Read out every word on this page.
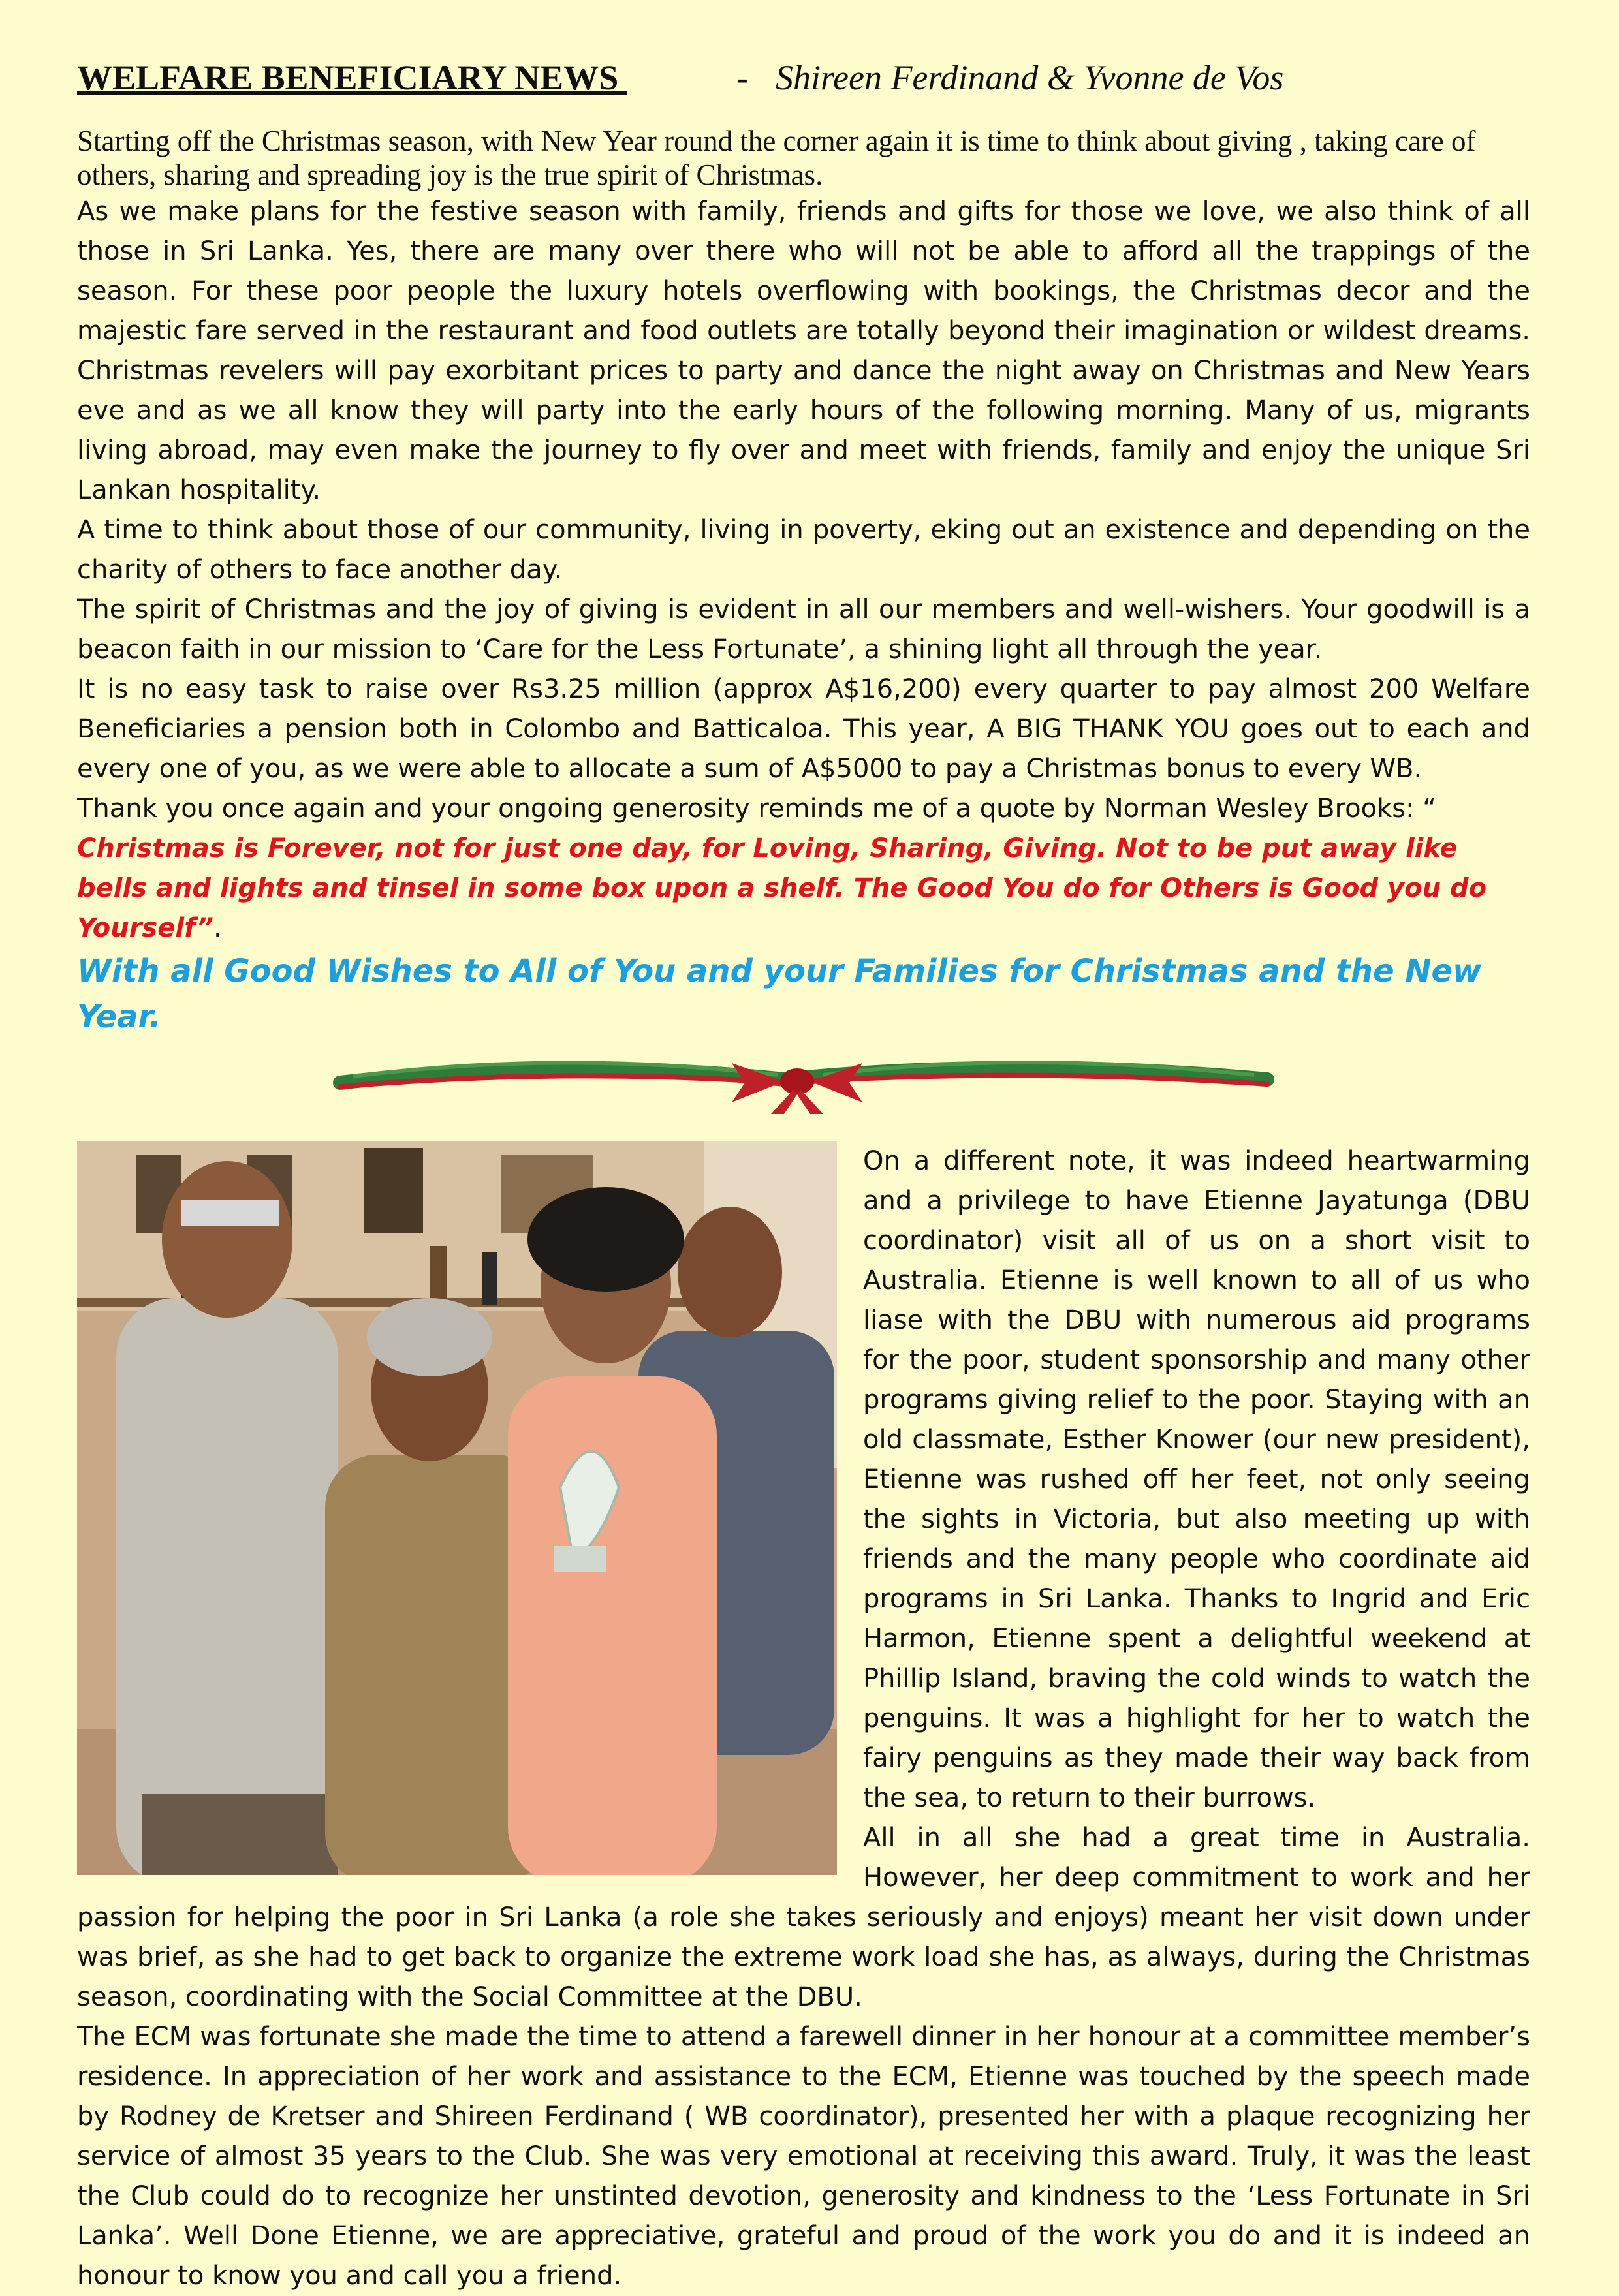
WELFARE BENEFICIARY NEWS	- Shireen Ferdinand & Yvonne de Vos

Starting off the Christmas season, with New Year round the corner again it is time to think about giving , taking care of others, sharing and spreading joy is the true spirit of Christmas.

As we make plans for the festive season with family, friends and gifts for those we love, we also think of all those in Sri Lanka. Yes, there are many over there who will not be able to afford all the trappings of the season. For these poor people the luxury hotels overflowing with bookings, the Christmas decor and the majestic fare served in the restaurant and food outlets are totally beyond their imagination or wildest dreams. Christmas revelers will pay exorbitant prices to party and dance the night away on Christmas and New Years eve and as we all know they will party into the early hours of the following morning. Many of us, migrants living abroad, may even make the journey to fly over and meet with friends, family and enjoy the unique Sri Lankan hospitality.

A time to think about those of our community, living in poverty, eking out an existence and depending on the charity of others to face another day.

The spirit of Christmas and the joy of giving is evident in all our members and well-wishers. Your goodwill is a beacon faith in our mission to ‘Care for the Less Fortunate’, a shining light all through the year.

It is no easy task to raise over Rs3.25 million (approx A$16,200) every quarter to pay almost 200 Welfare Beneficiaries a pension both in Colombo and Batticaloa. This year, A BIG THANK YOU goes out to each and every one of you, as we were able to allocate a sum of A$5000 to pay a Christmas bonus to every WB.

Thank you once again and your ongoing generosity reminds me of a quote by Norman Wesley Brooks: “

Christmas is Forever, not for just one day, for Loving, Sharing, Giving. Not to be put away like bells and lights and tinsel in some box upon a shelf. The Good You do for Others is Good you do Yourself”.

With all Good Wishes to All of You and your Families for Christmas and the New Year.

On a different note, it was indeed heartwarming and a privilege to have Etienne Jayatunga (DBU coordinator) visit all of us on a short visit to Australia. Etienne is well known to all of us who liase with the DBU with numerous aid programs for the poor, student sponsorship and many other programs giving relief to the poor. Staying with an old classmate, Esther Knower (our new president), Etienne was rushed off her feet, not only seeing the sights in Victoria, but also meeting up with friends and the many people who coordinate aid programs in Sri Lanka. Thanks to Ingrid and Eric Harmon, Etienne spent a delightful weekend at Phillip Island, braving the cold winds to watch the penguins. It was a highlight for her to watch the fairy penguins as they made their way back from the sea, to return to their burrows.

All in all she had a great time in Australia. However, her deep commitment to work and her passion for helping the poor in Sri Lanka (a role she takes seriously and enjoys) meant her visit down under was brief, as she had to get back to organize the extreme work load she has, as always, during the Christmas season, coordinating with the Social Committee at the DBU.

The ECM was fortunate she made the time to attend a farewell dinner in her honour at a committee member’s residence. In appreciation of her work and assistance to the ECM, Etienne was touched by the speech made by Rodney de Kretser and Shireen Ferdinand ( WB coordinator), presented her with a plaque recognizing her service of almost 35 years to the Club. She was very emotional at receiving this award. Truly, it was the least the Club could do to recognize her unstinted devotion, generosity and kindness to the ‘Less Fortunate in Sri Lanka’. Well Done Etienne, we are appreciative, grateful and proud of the work you do and it is indeed an honour to know you and call you a friend.
